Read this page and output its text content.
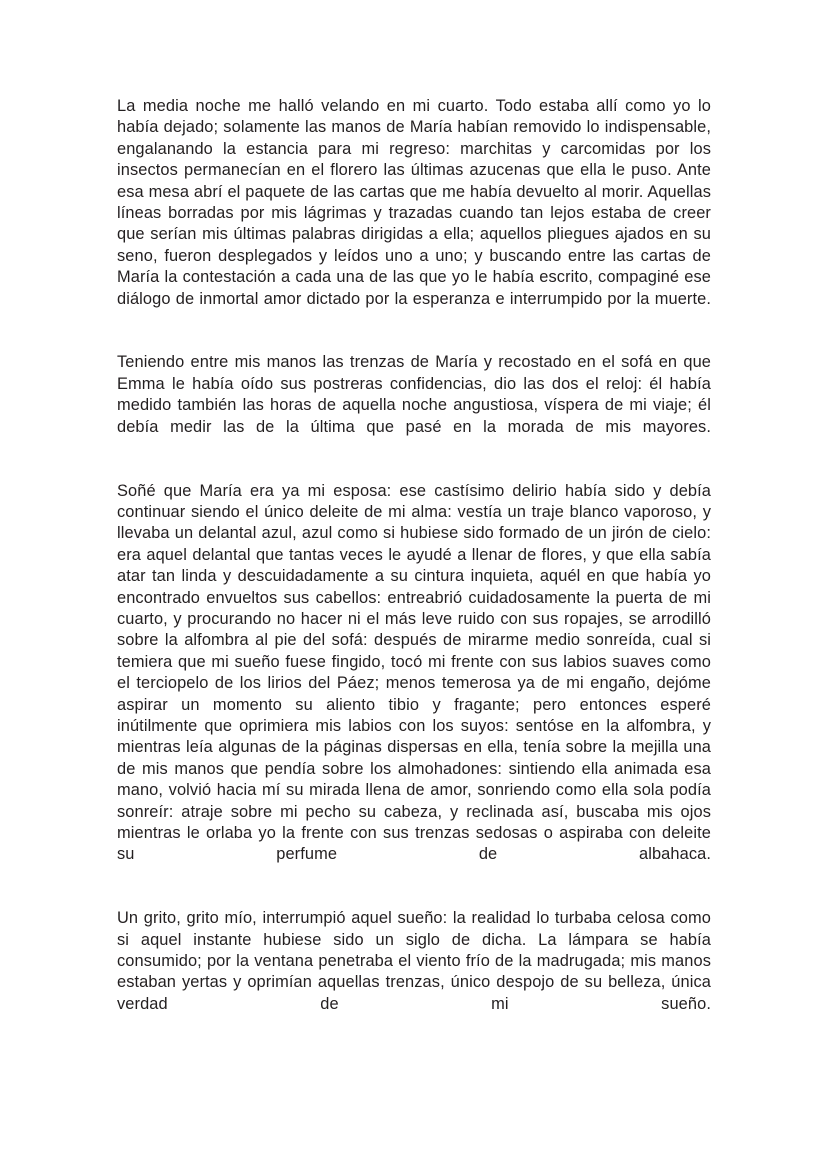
La media noche me halló velando en mi cuarto. Todo estaba allí como yo lo había dejado; solamente las manos de María habían removido lo indispensable, engalanando la estancia para mi regreso: marchitas y carcomidas por los insectos permanecían en el florero las últimas azucenas que ella le puso. Ante esa mesa abrí el paquete de las cartas que me había devuelto al morir. Aquellas líneas borradas por mis lágrimas y trazadas cuando tan lejos estaba de creer que serían mis últimas palabras dirigidas a ella; aquellos pliegues ajados en su seno, fueron desplegados y leídos uno a uno; y buscando entre las cartas de María la contestación a cada una de las que yo le había escrito, compaginé ese diálogo de inmortal amor dictado por la esperanza e interrumpido por la muerte.

Teniendo entre mis manos las trenzas de María y recostado en el sofá en que Emma le había oído sus postreras confidencias, dio las dos el reloj: él había medido también las horas de aquella noche angustiosa, víspera de mi viaje; él debía medir las de la última que pasé en la morada de mis mayores.

Soñé que María era ya mi esposa: ese castísimo delirio había sido y debía continuar siendo el único deleite de mi alma: vestía un traje blanco vaporoso, y llevaba un delantal azul, azul como si hubiese sido formado de un jirón de cielo: era aquel delantal que tantas veces le ayudé a llenar de flores, y que ella sabía atar tan linda y descuidadamente a su cintura inquieta, aquél en que había yo encontrado envueltos sus cabellos: entreabrió cuidadosamente la puerta de mi cuarto, y procurando no hacer ni el más leve ruido con sus ropajes, se arrodilló sobre la alfombra al pie del sofá: después de mirarme medio sonreída, cual si temiera que mi sueño fuese fingido, tocó mi frente con sus labios suaves como el terciopelo de los lirios del Páez; menos temerosa ya de mi engaño, dejóme aspirar un momento su aliento tibio y fragante; pero entonces esperé inútilmente que oprimiera mis labios con los suyos: sentóse en la alfombra, y mientras leía algunas de la páginas dispersas en ella, tenía sobre la mejilla una de mis manos que pendía sobre los almohadones: sintiendo ella animada esa mano, volvió hacia mí su mirada llena de amor, sonriendo como ella sola podía sonreír: atraje sobre mi pecho su cabeza, y reclinada así, buscaba mis ojos mientras le orlaba yo la frente con sus trenzas sedosas o aspiraba con deleite su perfume de albahaca.

Un grito, grito mío, interrumpió aquel sueño: la realidad lo turbaba celosa como si aquel instante hubiese sido un siglo de dicha. La lámpara se había consumido; por la ventana penetraba el viento frío de la madrugada; mis manos estaban yertas y oprimían aquellas trenzas, único despojo de su belleza, única verdad de mi sueño.
